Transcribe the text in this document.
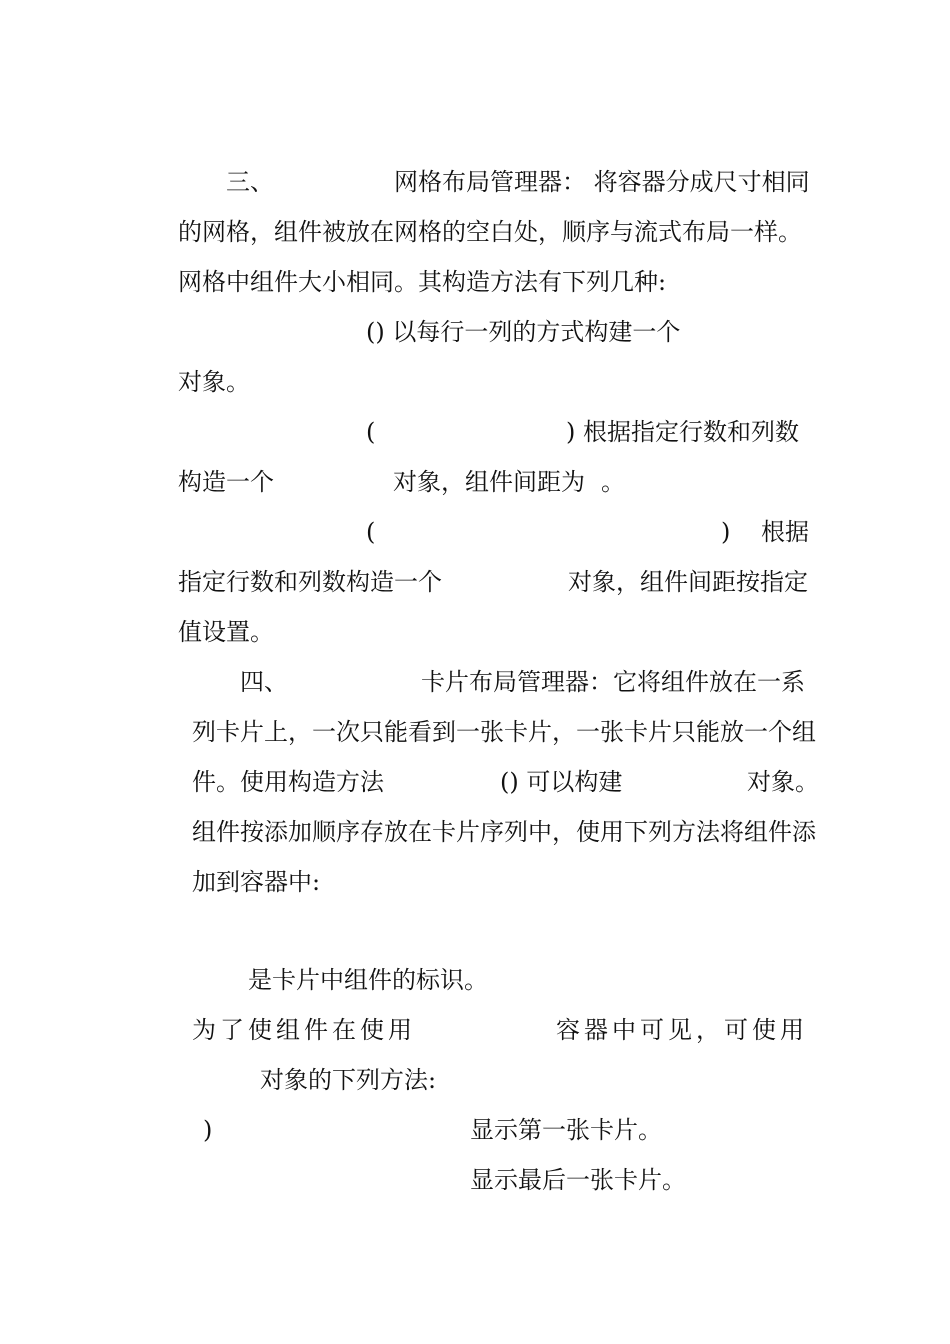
三、	网格布局管理器： 将容器分成尺寸相同

的网格，组件被放在网格的空白处，顺序与流式布局一样。

网格中组件大小相同。其构造方法有下列几种:

() 以每行一列的方式构建一个

对象。

(	) 根据指定行数和列数

构造一个	对象，组件间距为 。

(	) 根据

指定行数和列数构造一个	对象，组件间距按指定

值设置。

四、	卡片布局管理器：它将组件放在一系

列卡片上，一次只能看到一张卡片，一张卡片只能放一个组

件。使用构造方法	() 可以构建	对象。

组件按添加顺序存放在卡片序列中，使用下列方法将组件添

加到容器中:

是卡片中组件的标识。

为了使组件在使用	容器中可见，可使用

对象的下列方法:

)	显示第一张卡片。

显示最后一张卡片。
